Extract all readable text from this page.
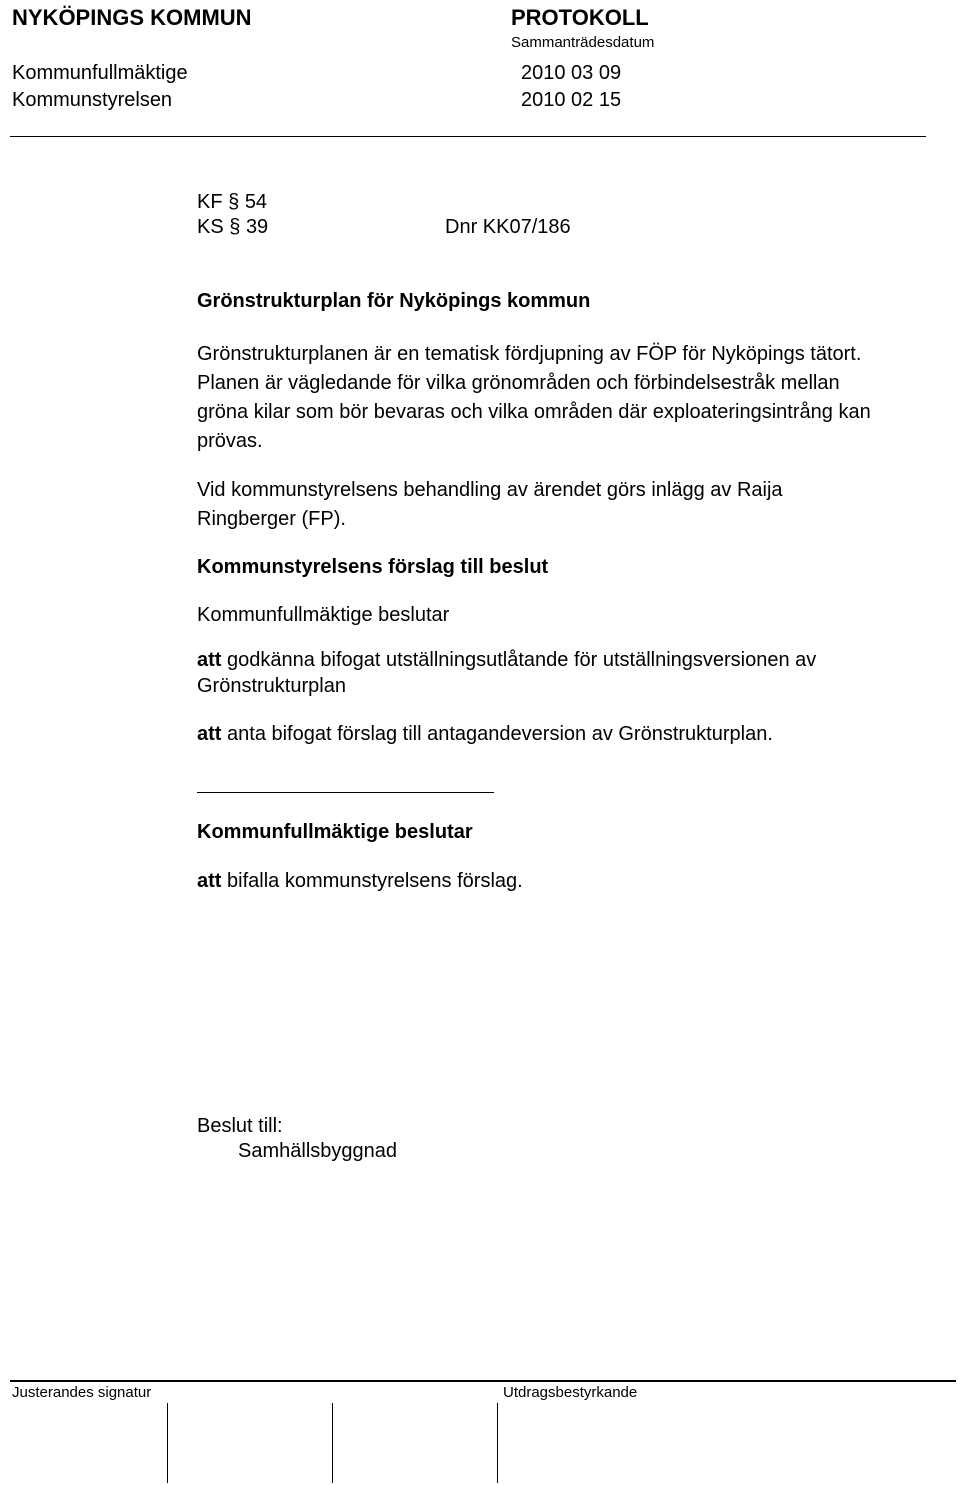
NYKÖPINGS KOMMUN	PROTOKOLL
Sammanträdesdatum
Kommunfullmäktige	2010 03 09
Kommunstyrelsen	2010 02 15
KF § 54
KS § 39	Dnr KK07/186
Grönstrukturplan för Nyköpings kommun
Grönstrukturplanen är en tematisk fördjupning av FÖP för Nyköpings tätort.
Planen är vägledande för vilka grönområden och förbindelsestråk mellan
gröna kilar som bör bevaras och vilka områden där exploateringsintrång kan
prövas.
Vid kommunstyrelsens behandling av ärendet görs inlägg av Raija
Ringberger (FP).
Kommunstyrelsens förslag till beslut
Kommunfullmäktige beslutar
att godkänna bifogat utställningsutlåtande för utställningsversionen av
Grönstrukturplan
att anta bifogat förslag till antagandeversion av Grönstrukturplan.
Kommunfullmäktige beslutar
att bifalla kommunstyrelsens förslag.
Beslut till:
Samhällsbyggnad
Justerandes signatur	Utdragsbestyrkande
